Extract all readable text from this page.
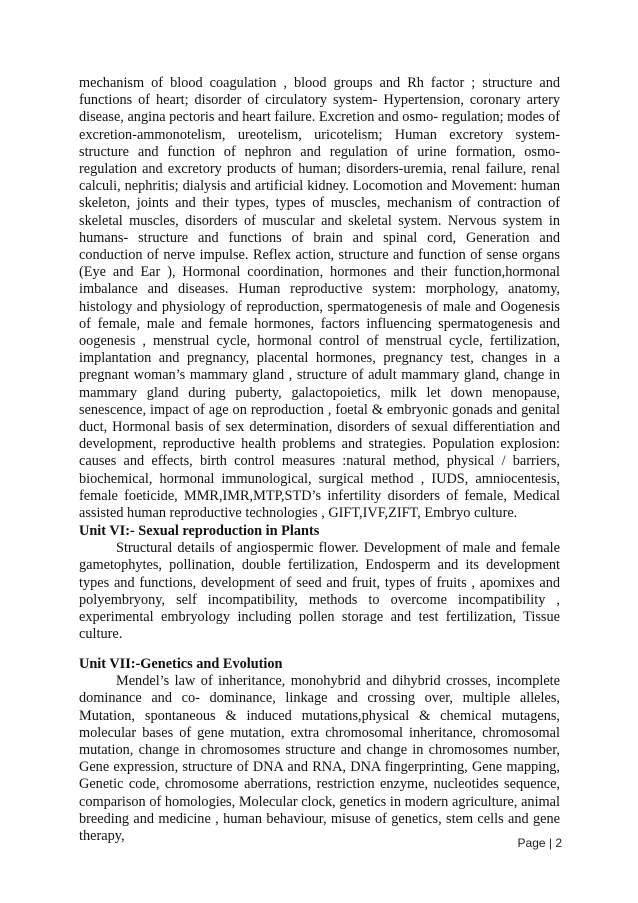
mechanism of blood coagulation , blood groups and Rh factor ; structure and functions of heart; disorder of circulatory system- Hypertension, coronary artery disease, angina pectoris and heart failure. Excretion and osmo- regulation; modes of excretion-ammonotelism, ureotelism, uricotelism; Human excretory system- structure and function of nephron and regulation of urine formation, osmo-regulation and excretory products of human; disorders-uremia, renal failure, renal calculi, nephritis; dialysis and artificial kidney. Locomotion and Movement: human skeleton, joints and their types, types of muscles, mechanism of contraction of skeletal muscles, disorders of muscular and skeletal system. Nervous system in humans- structure and functions of brain and spinal cord, Generation and conduction of nerve impulse. Reflex action, structure and function of sense organs (Eye and Ear ), Hormonal coordination, hormones and their function,hormonal imbalance and diseases. Human reproductive system: morphology, anatomy, histology and physiology of reproduction, spermatogenesis of male and Oogenesis of female, male and female hormones, factors influencing spermatogenesis and oogenesis , menstrual cycle, hormonal control of menstrual cycle, fertilization, implantation and pregnancy, placental hormones, pregnancy test, changes in a pregnant woman’s mammary gland , structure of adult mammary gland, change in mammary gland during puberty, galactopoietics, milk let down menopause, senescence, impact of age on reproduction , foetal & embryonic gonads and genital duct, Hormonal basis of sex determination, disorders of sexual differentiation and development, reproductive health problems and strategies. Population explosion: causes and effects, birth control measures :natural method, physical / barriers, biochemical, hormonal immunological, surgical method , IUDS, amniocentesis, female foeticide, MMR,IMR,MTP,STD’s infertility disorders of female, Medical assisted human reproductive technologies , GIFT,IVF,ZIFT, Embryo culture.

Unit VI:- Sexual reproduction in Plants

Structural details of angiospermic flower. Development of male and female gametophytes, pollination, double fertilization, Endosperm and its development types and functions, development of seed and fruit, types of fruits , apomixes and polyembryony, self incompatibility, methods to overcome incompatibility , experimental embryology including pollen storage and test fertilization, Tissue culture.

Unit VII:-Genetics and Evolution

Mendel’s law of inheritance, monohybrid and dihybrid crosses, incomplete dominance and co- dominance, linkage and crossing over, multiple alleles, Mutation, spontaneous & induced mutations,physical & chemical mutagens, molecular bases of gene mutation, extra chromosomal inheritance, chromosomal mutation, change in chromosomes structure and change in chromosomes number, Gene expression, structure of DNA and RNA, DNA fingerprinting, Gene mapping, Genetic code, chromosome aberrations, restriction enzyme, nucleotides sequence, comparison of homologies, Molecular clock, genetics in modern agriculture, animal breeding and medicine , human behaviour, misuse of genetics, stem cells and gene therapy,	Page | 2
